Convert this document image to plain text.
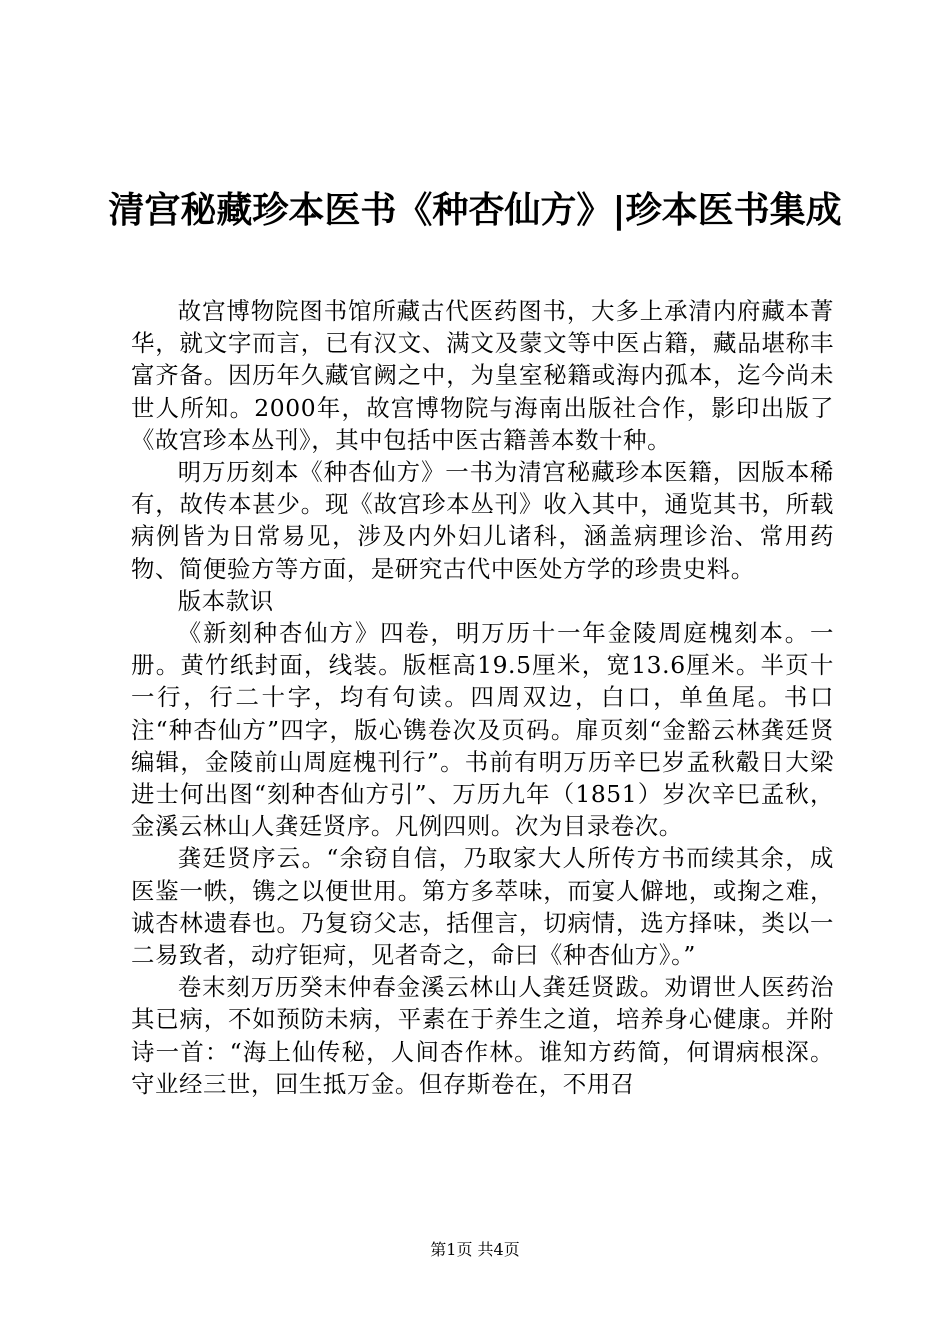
清宫秘藏珍本医书《种杏仙方》|珍本医书集成

故宫博物院图书馆所藏古代医药图书，大多上承清内府藏本菁华，就文字而言，已有汉文、满文及蒙文等中医占籍，藏品堪称丰富齐备。因历年久藏官阙之中，为皇室秘籍或海内孤本，迄今尚未世人所知。2000年，故宫博物院与海南出版社合作，影印出版了《故宫珍本丛刊》，其中包括中医古籍善本数十种。

明万历刻本《种杏仙方》一书为清宫秘藏珍本医籍，因版本稀有，故传本甚少。现《故宫珍本丛刊》收入其中，通览其书，所载病例皆为日常易见，涉及内外妇儿诸科，涵盖病理诊治、常用药物、简便验方等方面，是研究古代中医处方学的珍贵史料。

版本款识

《新刻种杏仙方》四卷，明万历十一年金陵周庭槐刻本。一册。黄竹纸封面，线装。版框高19.5厘米，宽13.6厘米。半页十一行，行二十字，均有句读。四周双边，白口，单鱼尾。书口注“种杏仙方”四字，版心镌卷次及页码。扉页刻“金豁云林龚廷贤编辑，金陵前山周庭槐刊行”。书前有明万历辛巳岁孟秋觳日大梁进士何出图“刻种杏仙方引”、万历九年（1851）岁次辛巳孟秋，金溪云林山人龚廷贤序。凡例四则。次为目录卷次。

龚廷贤序云。“余窃自信，乃取家大人所传方书而续其余，成医鉴一帙，镌之以便世用。第方多萃味，而宴人僻地，或掬之难，诚杏林遗春也。乃复窃父志，括俚言，切病情，选方择味，类以一二易致者，动疗钜疴，见者奇之，命曰《种杏仙方》。”

卷末刻万历癸末仲春金溪云林山人龚廷贤跋。劝谓世人医药治其已病，不如预防未病，平素在于养生之道，培养身心健康。并附诗一首：“海上仙传秘，人间杏作林。谁知方药简，何谓病根深。守业经三世，回生抵万金。但存斯卷在，不用召

第1页 共4页
